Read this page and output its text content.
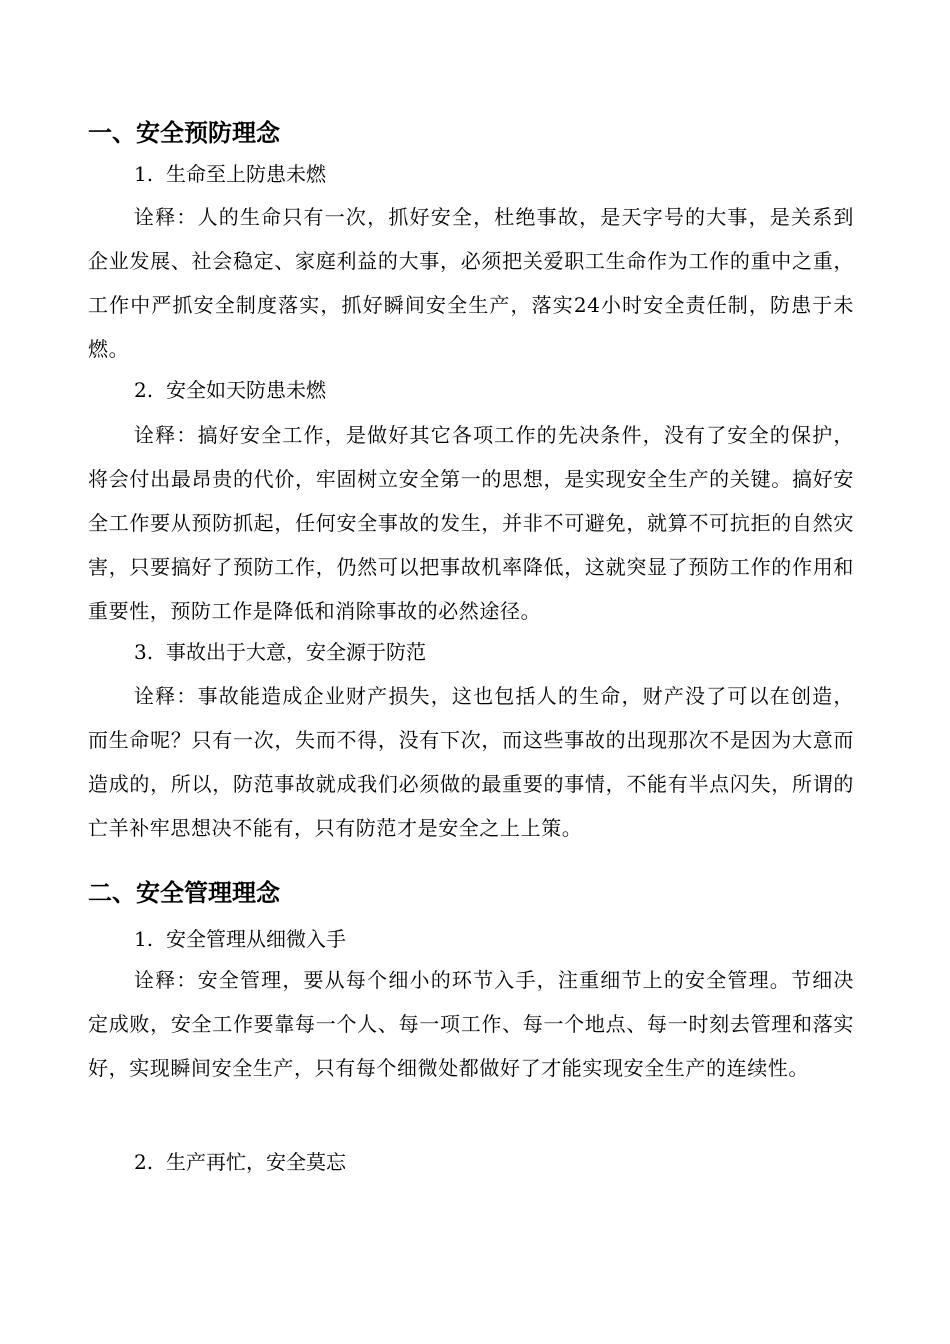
一、安全预防理念
1. 生命至上防患未燃
诠释：人的生命只有一次，抓好安全，杜绝事故，是天字号的大事，是关系到企业发展、社会稳定、家庭利益的大事，必须把关爱职工生命作为工作的重中之重，工作中严抓安全制度落实，抓好瞬间安全生产，落实24小时安全责任制，防患于未燃。
2. 安全如天防患未燃
诠释：搞好安全工作，是做好其它各项工作的先决条件，没有了安全的保护，将会付出最昂贵的代价，牢固树立安全第一的思想，是实现安全生产的关键。搞好安全工作要从预防抓起，任何安全事故的发生，并非不可避免，就算不可抗拒的自然灾害，只要搞好了预防工作，仍然可以把事故机率降低，这就突显了预防工作的作用和重要性，预防工作是降低和消除事故的必然途径。
3. 事故出于大意，安全源于防范
诠释：事故能造成企业财产损失，这也包括人的生命，财产没了可以在创造，而生命呢？只有一次，失而不得，没有下次，而这些事故的出现那次不是因为大意而造成的，所以，防范事故就成我们必须做的最重要的事情，不能有半点闪失，所谓的亡羊补牢思想决不能有，只有防范才是安全之上上策。
二、安全管理理念
1. 安全管理从细微入手
诠释：安全管理，要从每个细小的环节入手，注重细节上的安全管理。节细决定成败，安全工作要靠每一个人、每一项工作、每一个地点、每一时刻去管理和落实好，实现瞬间安全生产，只有每个细微处都做好了才能实现安全生产的连续性。
2. 生产再忙，安全莫忘
